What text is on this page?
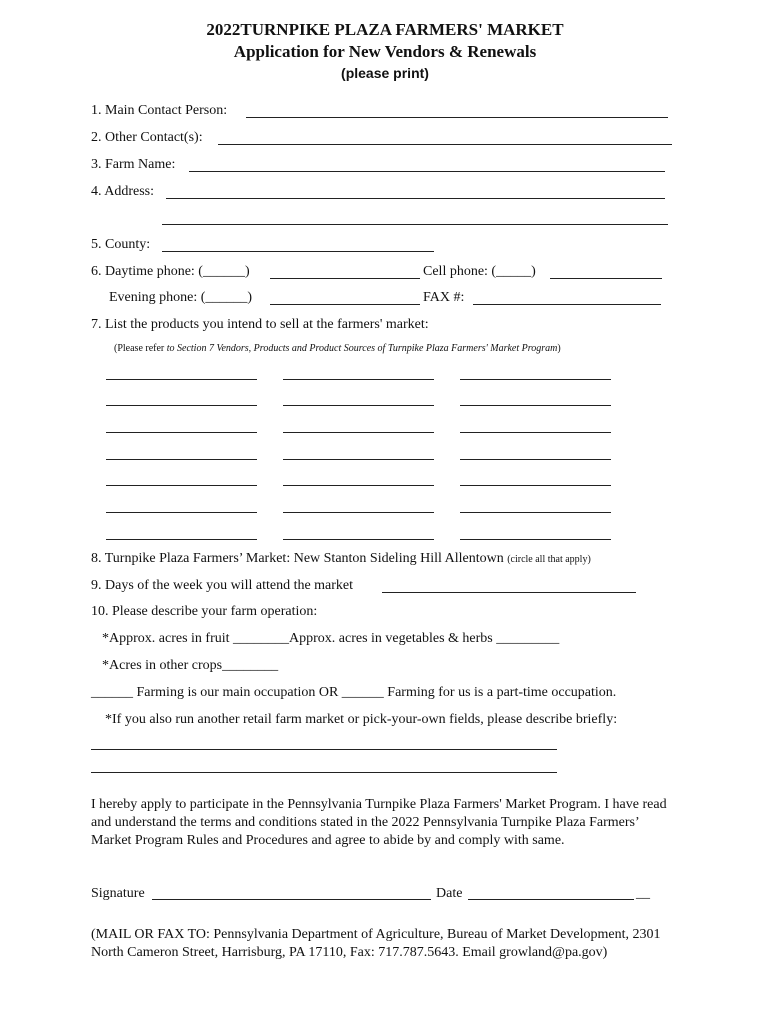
2022TURNPIKE PLAZA FARMERS' MARKET
Application for New Vendors & Renewals
(please print)
1. Main Contact Person:
2. Other Contact(s):
3. Farm Name:
4. Address:
5. County:
6. Daytime phone: (______)	Cell phone: (_____)
Evening phone: (______)	FAX #:
7. List the products you intend to sell at the farmers' market:
(Please refer to Section 7 Vendors, Products and Product Sources of Turnpike Plaza Farmers' Market Program)
8. Turnpike Plaza Farmers’ Market: New Stanton Sideling Hill Allentown (circle all that apply)
9. Days of the week you will attend the market
10. Please describe your farm operation:
*Approx. acres in fruit ________Approx. acres in vegetables & herbs _________
*Acres in other crops________
______ Farming is our main occupation OR ______ Farming for us is a part-time occupation.
*If you also run another retail farm market or pick-your-own fields, please describe briefly:
I hereby apply to participate in the Pennsylvania Turnpike Plaza Farmers' Market Program. I have read and understand the terms and conditions stated in the 2022 Pennsylvania Turnpike Plaza Farmers’ Market Program Rules and Procedures and agree to abide by and comply with same.
Signature	Date	__
(MAIL OR FAX TO: Pennsylvania Department of Agriculture, Bureau of Market Development, 2301 North Cameron Street, Harrisburg, PA 17110, Fax: 717.787.5643. Email growland@pa.gov)
